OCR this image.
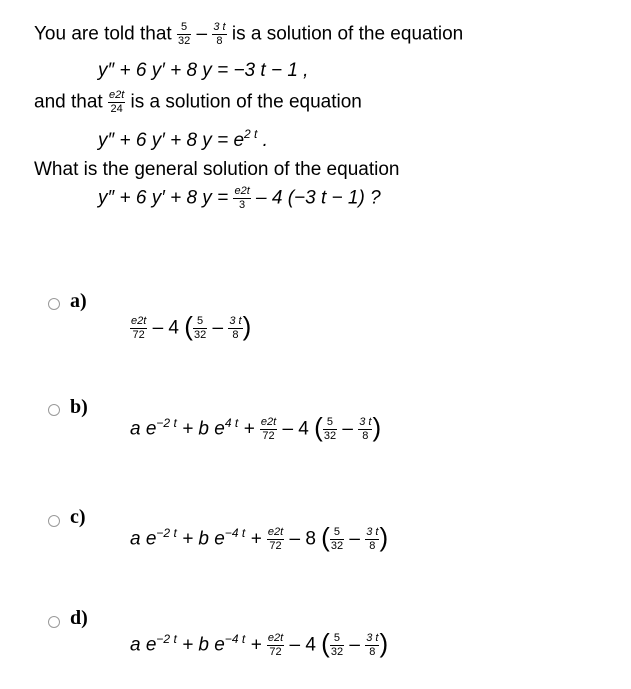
You are told that $\frac{5}{32} - \frac{3 t}{8}$ is a solution of the equation
y″ + 6 y′ + 8 y = −3 t − 1 ,
and that $\frac{e2t}{24}$ is a solution of the equation
y″ + 6 y′ + 8 $y = e^{2 t}$ .
What is the general solution of the equation
y″ + 6 y′ + 8 $y = \frac{e2t}{3} - 4$ (−3 t − 1) ?
a)
$\frac{e2t}{72} - 4$ ( $\frac{5}{32} - \frac{3 t}{8}$ )
b)
a $e^{-2 t} + b$ $e^{4 t} + \frac{e2t}{72} - 4$ ( $\frac{5}{32} - \frac{3 t}{8}$ )
c)
a $e^{-2 t} + b$ $e^{-4 t} + \frac{e2t}{72} - 8$ ( $\frac{5}{32} - \frac{3 t}{8}$ )
d)
a $e^{-2 t} + b$ $e^{-4 t} + \frac{e2t}{72} - 4$ ( $\frac{5}{32} - \frac{3 t}{8}$ )
